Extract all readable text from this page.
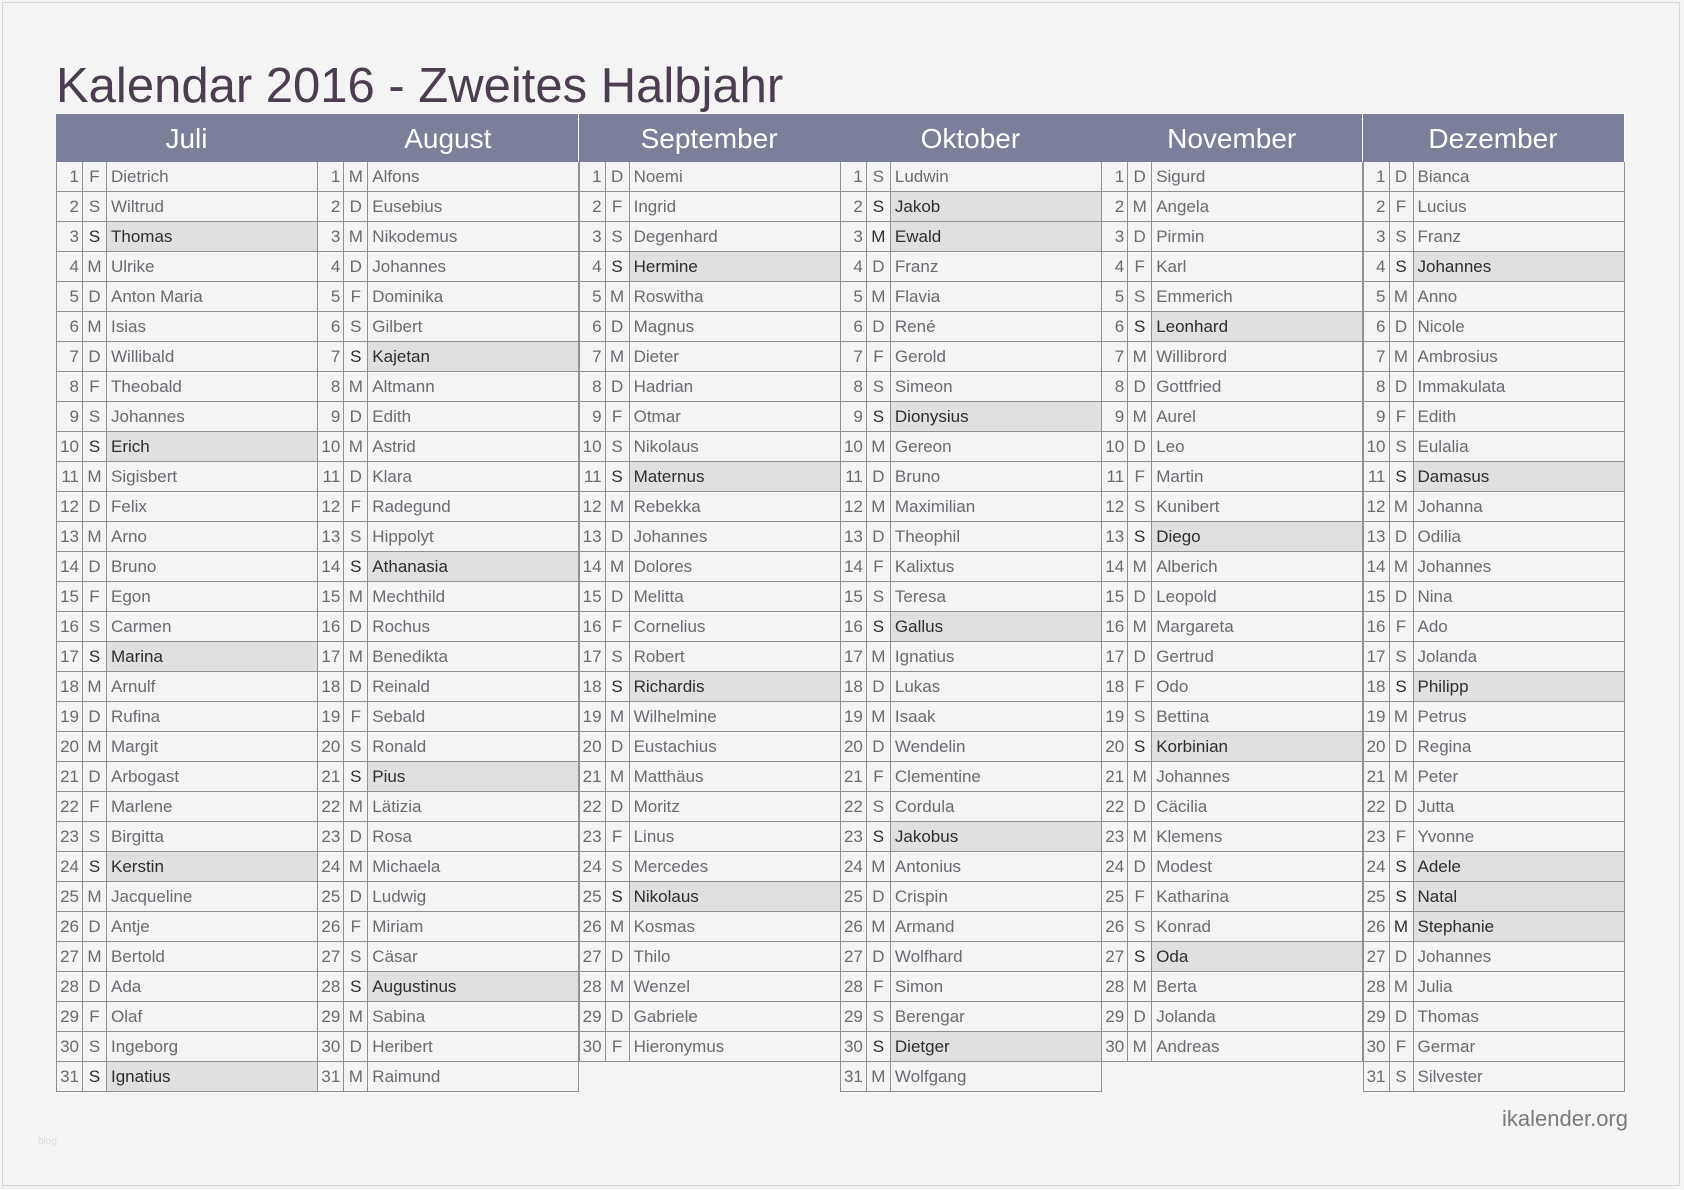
Kalendar 2016 - Zweites Halbjahr
Juli
1 F Dietrich
2 S Wiltrud
3 S Thomas
4 M Ulrike
5 D Anton Maria
6 M Isias
7 D Willibald
8 F Theobald
9 S Johannes
10 S Erich
11 M Sigisbert
12 D Felix
13 M Arno
14 D Bruno
15 F Egon
16 S Carmen
17 S Marina
18 M Arnulf
19 D Rufina
20 M Margit
21 D Arbogast
22 F Marlene
23 S Birgitta
24 S Kerstin
25 M Jacqueline
26 D Antje
27 M Bertold
28 D Ada
29 F Olaf
30 S Ingeborg
31 S Ignatius
August
1 M Alfons
2 D Eusebius
3 M Nikodemus
4 D Johannes
5 F Dominika
6 S Gilbert
7 S Kajetan
8 M Altmann
9 D Edith
10 M Astrid
11 D Klara
12 F Radegund
13 S Hippolyt
14 S Athanasia
15 M Mechthild
16 D Rochus
17 M Benedikta
18 D Reinald
19 F Sebald
20 S Ronald
21 S Pius
22 M Lätizia
23 D Rosa
24 M Michaela
25 D Ludwig
26 F Miriam
27 S Cäsar
28 S Augustinus
29 M Sabina
30 D Heribert
31 M Raimund
September
1 D Noemi
2 F Ingrid
3 S Degenhard
4 S Hermine
5 M Roswitha
6 D Magnus
7 M Dieter
8 D Hadrian
9 F Otmar
10 S Nikolaus
11 S Maternus
12 M Rebekka
13 D Johannes
14 M Dolores
15 D Melitta
16 F Cornelius
17 S Robert
18 S Richardis
19 M Wilhelmine
20 D Eustachius
21 M Matthäus
22 D Moritz
23 F Linus
24 S Mercedes
25 S Nikolaus
26 M Kosmas
27 D Thilo
28 M Wenzel
29 D Gabriele
30 F Hieronymus
Oktober
1 S Ludwin
2 S Jakob
3 M Ewald
4 D Franz
5 M Flavia
6 D René
7 F Gerold
8 S Simeon
9 S Dionysius
10 M Gereon
11 D Bruno
12 M Maximilian
13 D Theophil
14 F Kalixtus
15 S Teresa
16 S Gallus
17 M Ignatius
18 D Lukas
19 M Isaak
20 D Wendelin
21 F Clementine
22 S Cordula
23 S Jakobus
24 M Antonius
25 D Crispin
26 M Armand
27 D Wolfhard
28 F Simon
29 S Berengar
30 S Dietger
31 M Wolfgang
November
1 D Sigurd
2 M Angela
3 D Pirmin
4 F Karl
5 S Emmerich
6 S Leonhard
7 M Willibrord
8 D Gottfried
9 M Aurel
10 D Leo
11 F Martin
12 S Kunibert
13 S Diego
14 M Alberich
15 D Leopold
16 M Margareta
17 D Gertrud
18 F Odo
19 S Bettina
20 S Korbinian
21 M Johannes
22 D Cäcilia
23 M Klemens
24 D Modest
25 F Katharina
26 S Konrad
27 S Oda
28 M Berta
29 D Jolanda
30 M Andreas
Dezember
1 D Bianca
2 F Lucius
3 S Franz
4 S Johannes
5 M Anno
6 D Nicole
7 M Ambrosius
8 D Immakulata
9 F Edith
10 S Eulalia
11 S Damasus
12 M Johanna
13 D Odilia
14 M Johannes
15 D Nina
16 F Ado
17 S Jolanda
18 S Philipp
19 M Petrus
20 D Regina
21 M Peter
22 D Jutta
23 F Yvonne
24 S Adele
25 S Natal
26 M Stephanie
27 D Johannes
28 M Julia
29 D Thomas
30 F Germar
31 S Silvester
ikalender.org
blog
